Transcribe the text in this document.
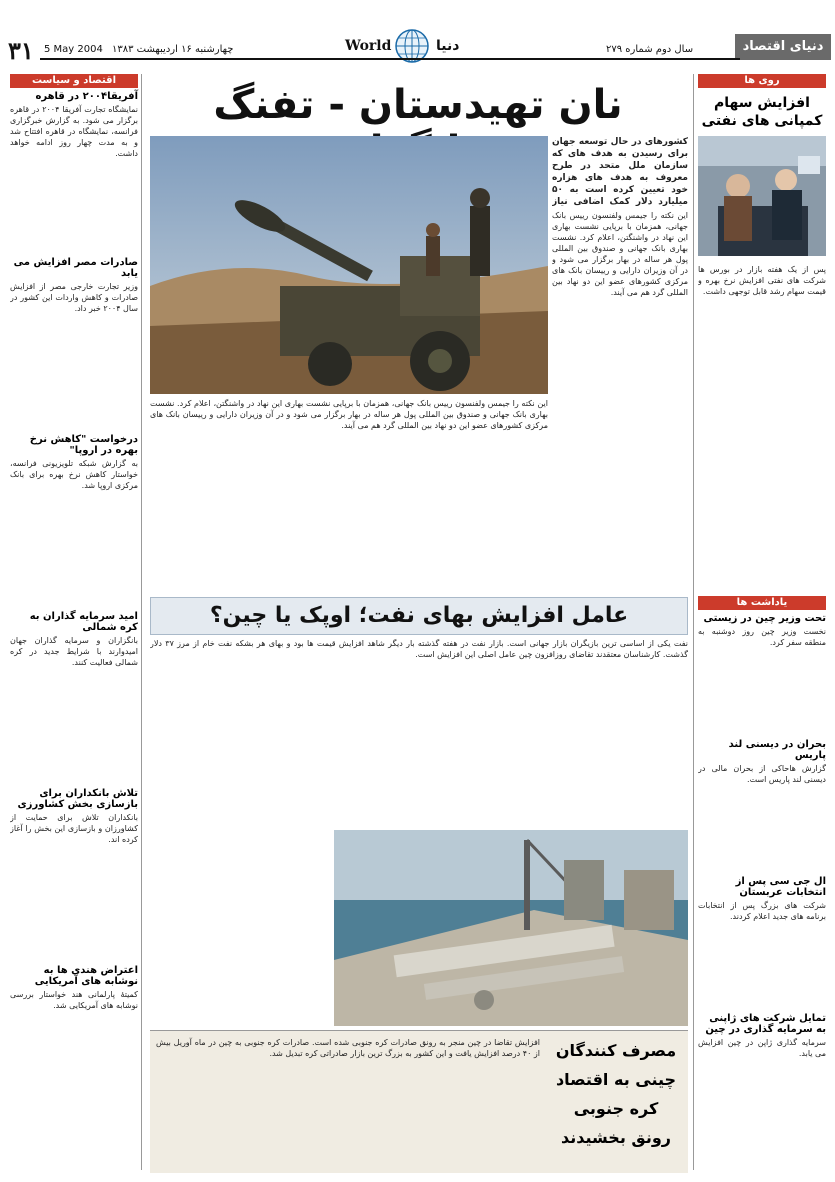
۳۱ 5 May 2004 چهارشنبه ۱۶ اردیبهشت ۱۳۸۳	World	دنیا	سال دوم شماره ۲۷۹	دنیای اقتصاد
اقتصاد و سیاست
آفریقا۲۰۰۴ در قاهره
نمایشگاه تجارت آفریقا ۲۰۰۴ در قاهره برگزار می شود. به گزارش خبرگزاری فرانسه، نمایشگاه در قاهره افتتاح شد و به مدت چهار روز ادامه خواهد داشت.
صادرات مصر افزایش می یابد
وزیر تجارت خارجی مصر از افزایش صادرات و کاهش واردات این کشور در سال ۲۰۰۴ خبر داد.
درخواست "کاهش نرخ بهره در اروپا"
به گزارش شبکه تلویزیونی فرانسه، خواستار کاهش نرخ بهره برای بانک مرکزی اروپا شد.
امید سرمایه گذاران به کره شمالی
بانگزاران و سرمایه گذاران جهان امیدوارند با شرایط جدید در کره شمالی فعالیت کنند.
تلاش بانکداران برای بازسازی بخش کشاورزی
بانکداران تلاش برای حمایت از کشاورزان و بازسازی این بخش را آغاز کرده اند.
اعتراض هندی ها به نوشابه های آمریکایی
کمیتهٔ پارلمانی هند خواستار بررسی نوشابه های آمریکایی شد.
روی ها
افزایش سهام کمپانی های نفتی
پس از یک هفته بازار در بورس ها شرکت های نفتی افزایش نرخ بهره و قیمت سهام رشد قابل توجهی داشت.
یاداشت ها
تحت وزیر چین در زیستی
نخست وزیر چین روز دوشنبه به منطقه سفر کرد.
بحران در دیسنی لند پاریس
گزارش هاحاکی از بحران مالی در دیسنی لند پاریس است.
ال جی سی پس از انتخابات عربستان
شرکت های بزرگ پس از انتخابات برنامه های جدید اعلام کردند.
تمایل شرکت های ژاپنی به سرمایه گذاری در چین
سرمایه گذاری ژاپن در چین افزایش می یابد.
نان تهیدستان - تفنگ
این نکته را جیمس ولفنسون رییس بانک جهانی، همزمان با برپایی نشست بهاری این نهاد در واشنگتن، اعلام کرد. نشست بهاری بانک جهانی و صندوق بین المللی پول هر ساله در بهار برگزار می شود و در آن وزیران دارایی و رییسان بانک های مرکزی کشورهای عضو این دو نهاد بین المللی گرد هم می آیند.
کشورهای در حال توسعه جهان برای رسیدن به هدف های که سازمان ملل متحد در طرح معروف به هدف های هزاره خود تعیین کرده است به ۵۰ میلیارد دلار کمک اضافی نیاز
این نکته را جیمس ولفنسون رییس بانک جهانی، همزمان با برپایی نشست بهاری این نهاد در واشنگتن، اعلام کرد. نشست بهاری بانک جهانی و صندوق بین المللی پول هر ساله در بهار برگزار می شود و در آن وزیران دارایی و رییسان بانک های مرکزی کشورهای عضو این دو نهاد بین المللی گرد هم می آیند.
عامل افزایش بهای نفت؛ اوپک یا چین؟
نفت یکی از اساسی ترین بازیگران بازار جهانی است. بازار نفت در هفته گذشته بار دیگر شاهد افزایش قیمت ها بود و بهای هر بشکه نفت خام از مرز ۳۷ دلار گذشت. کارشناسان معتقدند تقاضای روزافزون چین عامل اصلی این افزایش است.
مصرف کنندگان
چینی به اقتصاد
کره جنوبی
رونق بخشیدند
افزایش تقاضا در چین منجر به رونق صادرات کره جنوبی شده است. صادرات کره جنوبی به چین در ماه آوریل بیش از ۴۰ درصد افزایش یافت و این کشور به بزرگ ترین بازار صادراتی کره تبدیل شد.
